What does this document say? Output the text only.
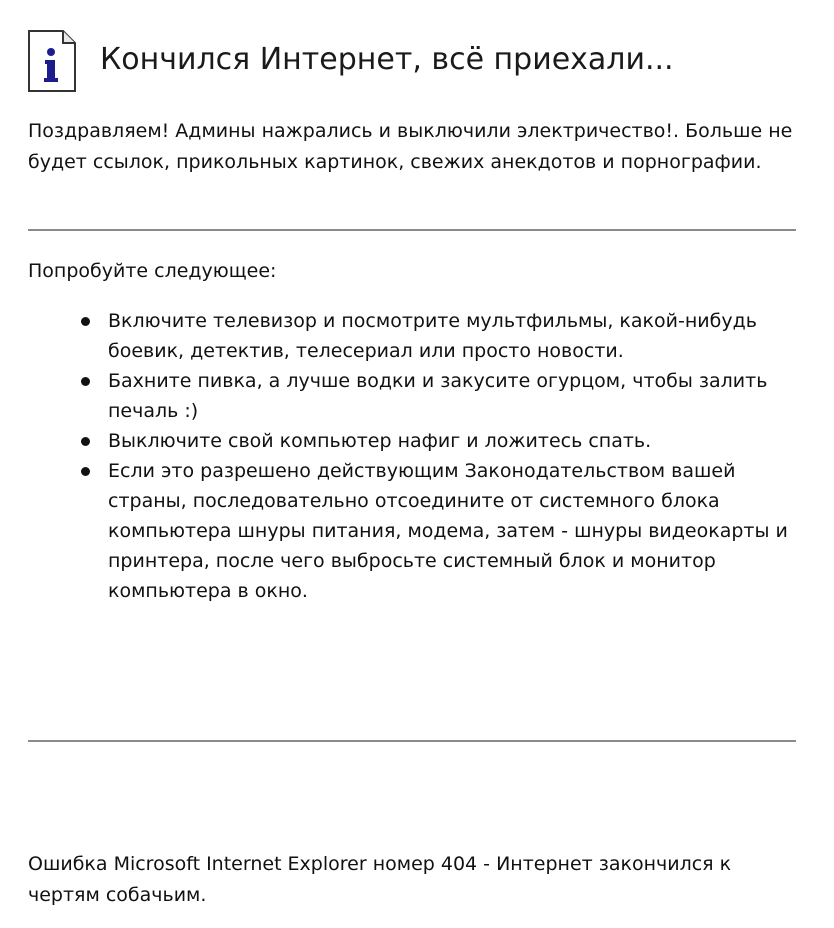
Кончился Интернет, всё приехали...
Поздравляем! Админы нажрались и выключили электричество!. Больше не будет ссылок, прикольных картинок, свежих анекдотов и порнографии.
Попробуйте следующее:
Включите телевизор и посмотрите мультфильмы, какой-нибудь боевик, детектив, телесериал или просто новости.
Бахните пивка, а лучше водки и закусите огурцом, чтобы залить печаль :)
Выключите свой компьютер нафиг и ложитесь спать.
Если это разрешено действующим Законодательством вашей страны, последовательно отсоедините от системного блока компьютера шнуры питания, модема, затем - шнуры видеокарты и принтера, после чего выбросьте системный блок и монитор компьютера в окно.
Ошибка Microsoft Internet Explorer номер 404 - Интернет закончился к чертям собачьим.
